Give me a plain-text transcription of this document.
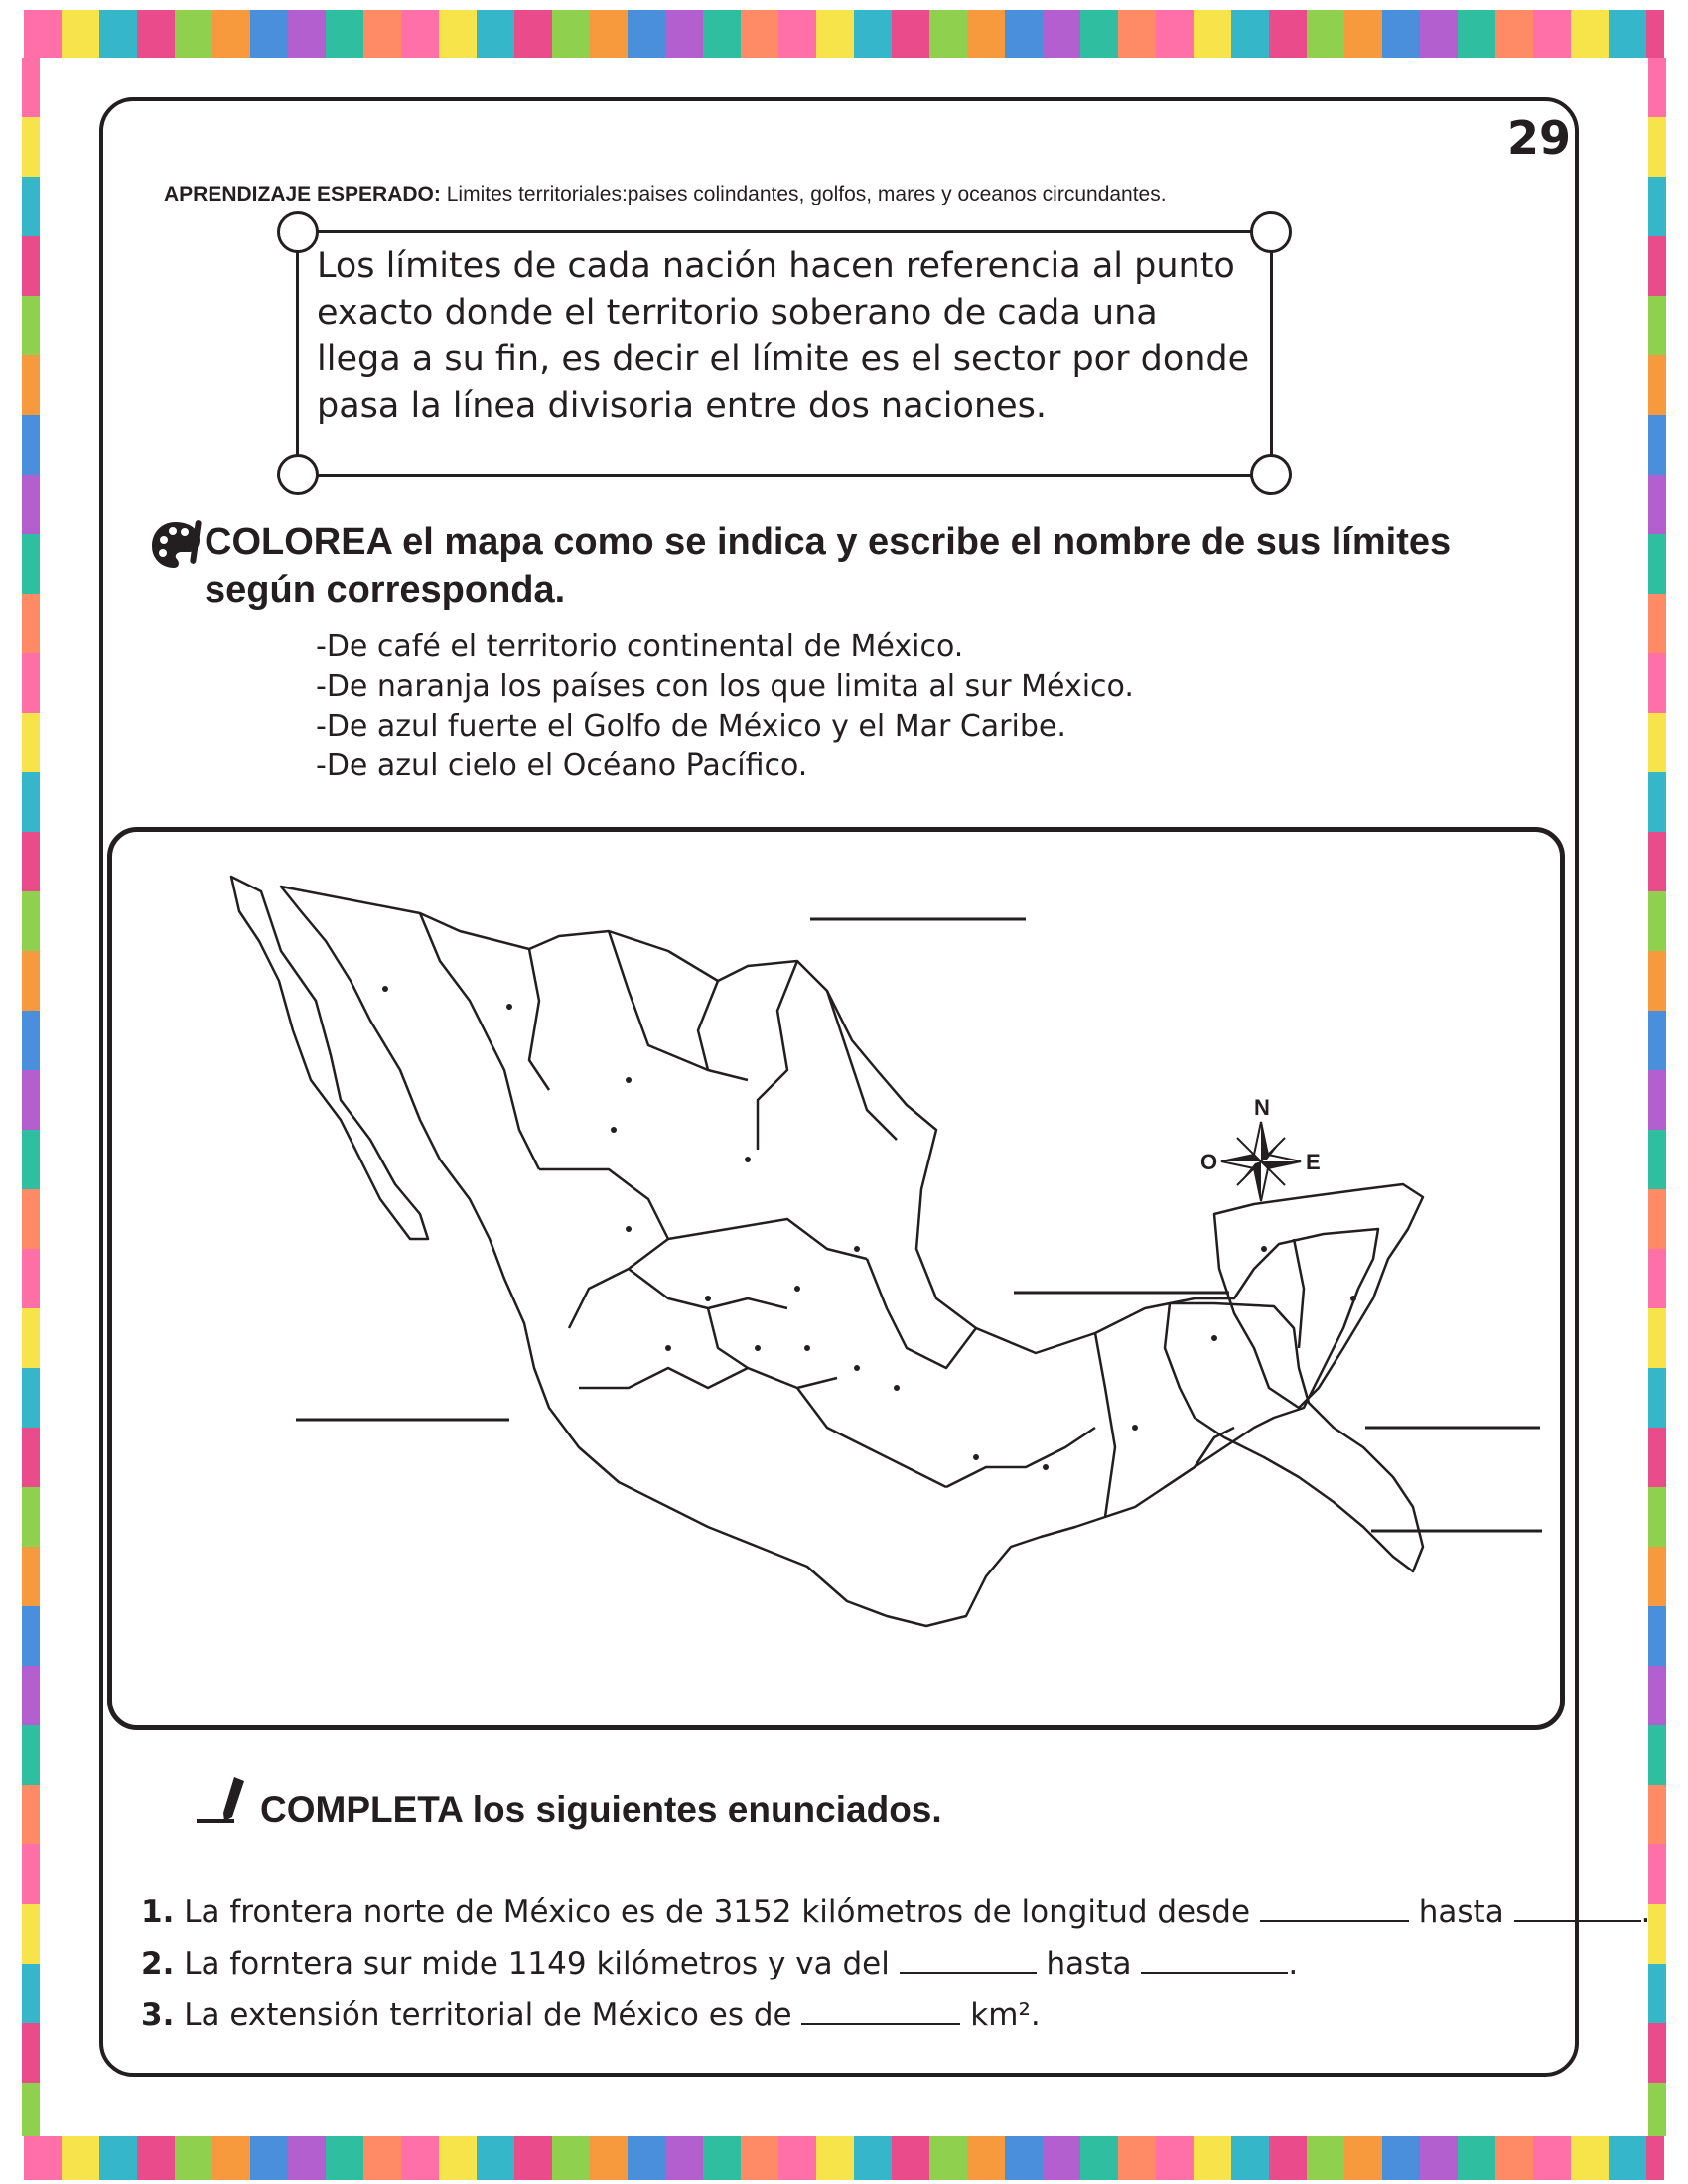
29
APRENDIZAJE ESPERADO: Limites territoriales:paises colindantes, golfos, mares y oceanos circundantes.
Los límites de cada nación hacen referencia al punto exacto donde el territorio soberano de cada una llega a su fin, es decir el límite es el sector por donde pasa la línea divisoria entre dos naciones.
COLOREA el mapa como se indica y escribe el nombre de sus límites
según corresponda.
-De café el territorio continental de México.
-De naranja los países con los que limita al sur México.
-De azul fuerte el Golfo de México y el Mar Caribe.
-De azul cielo el Océano Pacífico.
N
O	E
COMPLETA los siguientes enunciados.
1. La frontera norte de México es de 3152 kilómetros de longitud desde	hasta	.
2. La forntera sur mide 1149 kilómetros y va del	hasta	.
3. La extensión territorial de México es de	km².
